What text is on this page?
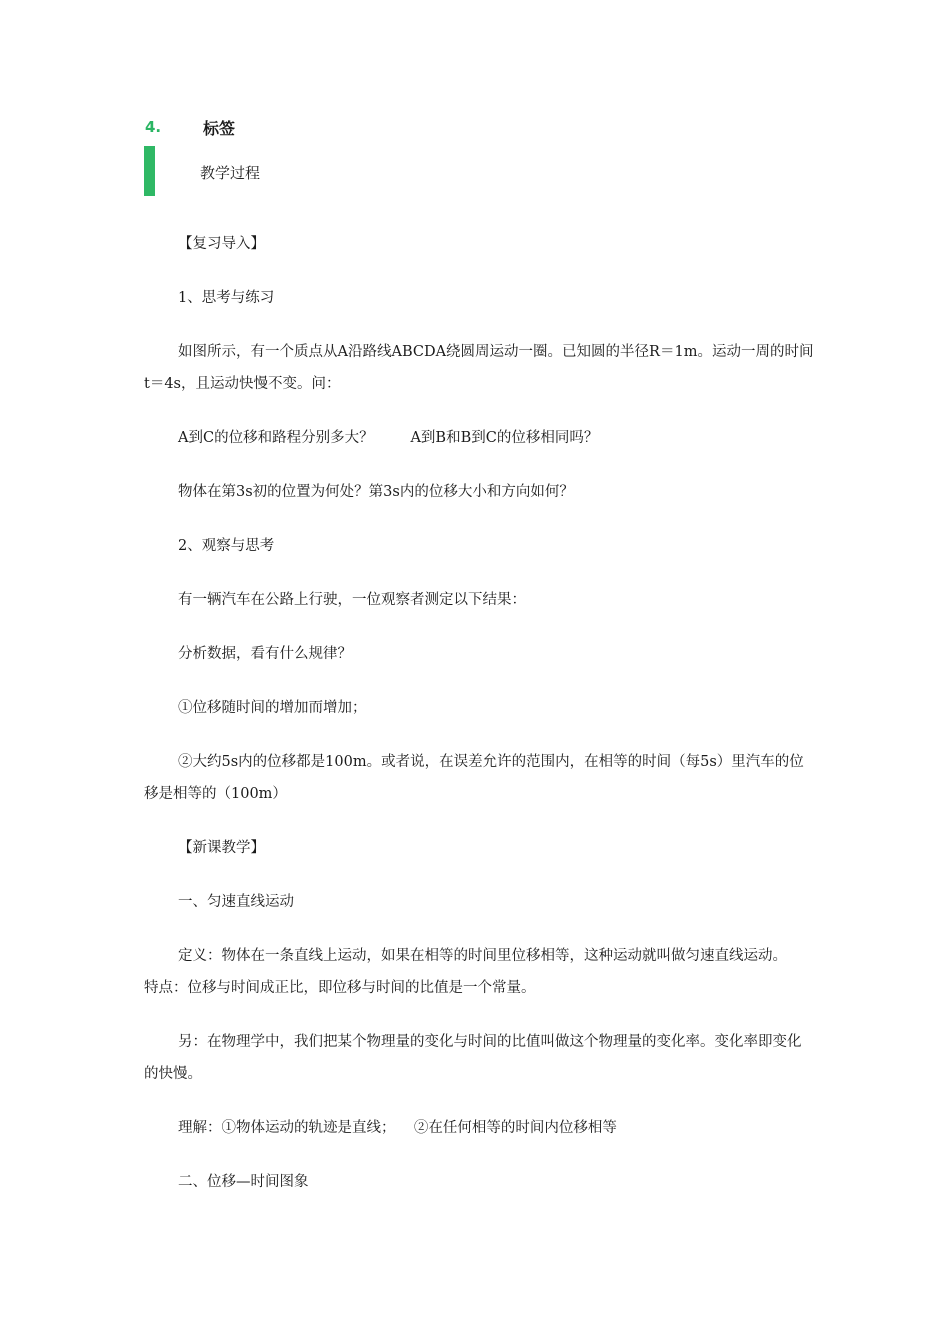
4.	标签
教学过程
【复习导入】
1、思考与练习
如图所示，有一个质点从A沿路线ABCDA绕圆周运动一圈。已知圆的半径R＝1m。运动一周的时间t＝4s，且运动快慢不变。问：
A到C的位移和路程分别多大？        A到B和B到C的位移相同吗？
物体在第3s初的位置为何处？第3s内的位移大小和方向如何？
2、观察与思考
有一辆汽车在公路上行驶，一位观察者测定以下结果：
分析数据，看有什么规律？
①位移随时间的增加而增加；
②大约5s内的位移都是100m。或者说，在误差允许的范围内，在相等的时间（每5s）里汽车的位移是相等的（100m）
【新课教学】
一、匀速直线运动
定义：物体在一条直线上运动，如果在相等的时间里位移相等，这种运动就叫做匀速直线运动。       特点：位移与时间成正比，即位移与时间的比值是一个常量。
另：在物理学中，我们把某个物理量的变化与时间的比值叫做这个物理量的变化率。变化率即变化的快慢。
理解：①物体运动的轨迹是直线；    ②在任何相等的时间内位移相等
二、位移—时间图象
